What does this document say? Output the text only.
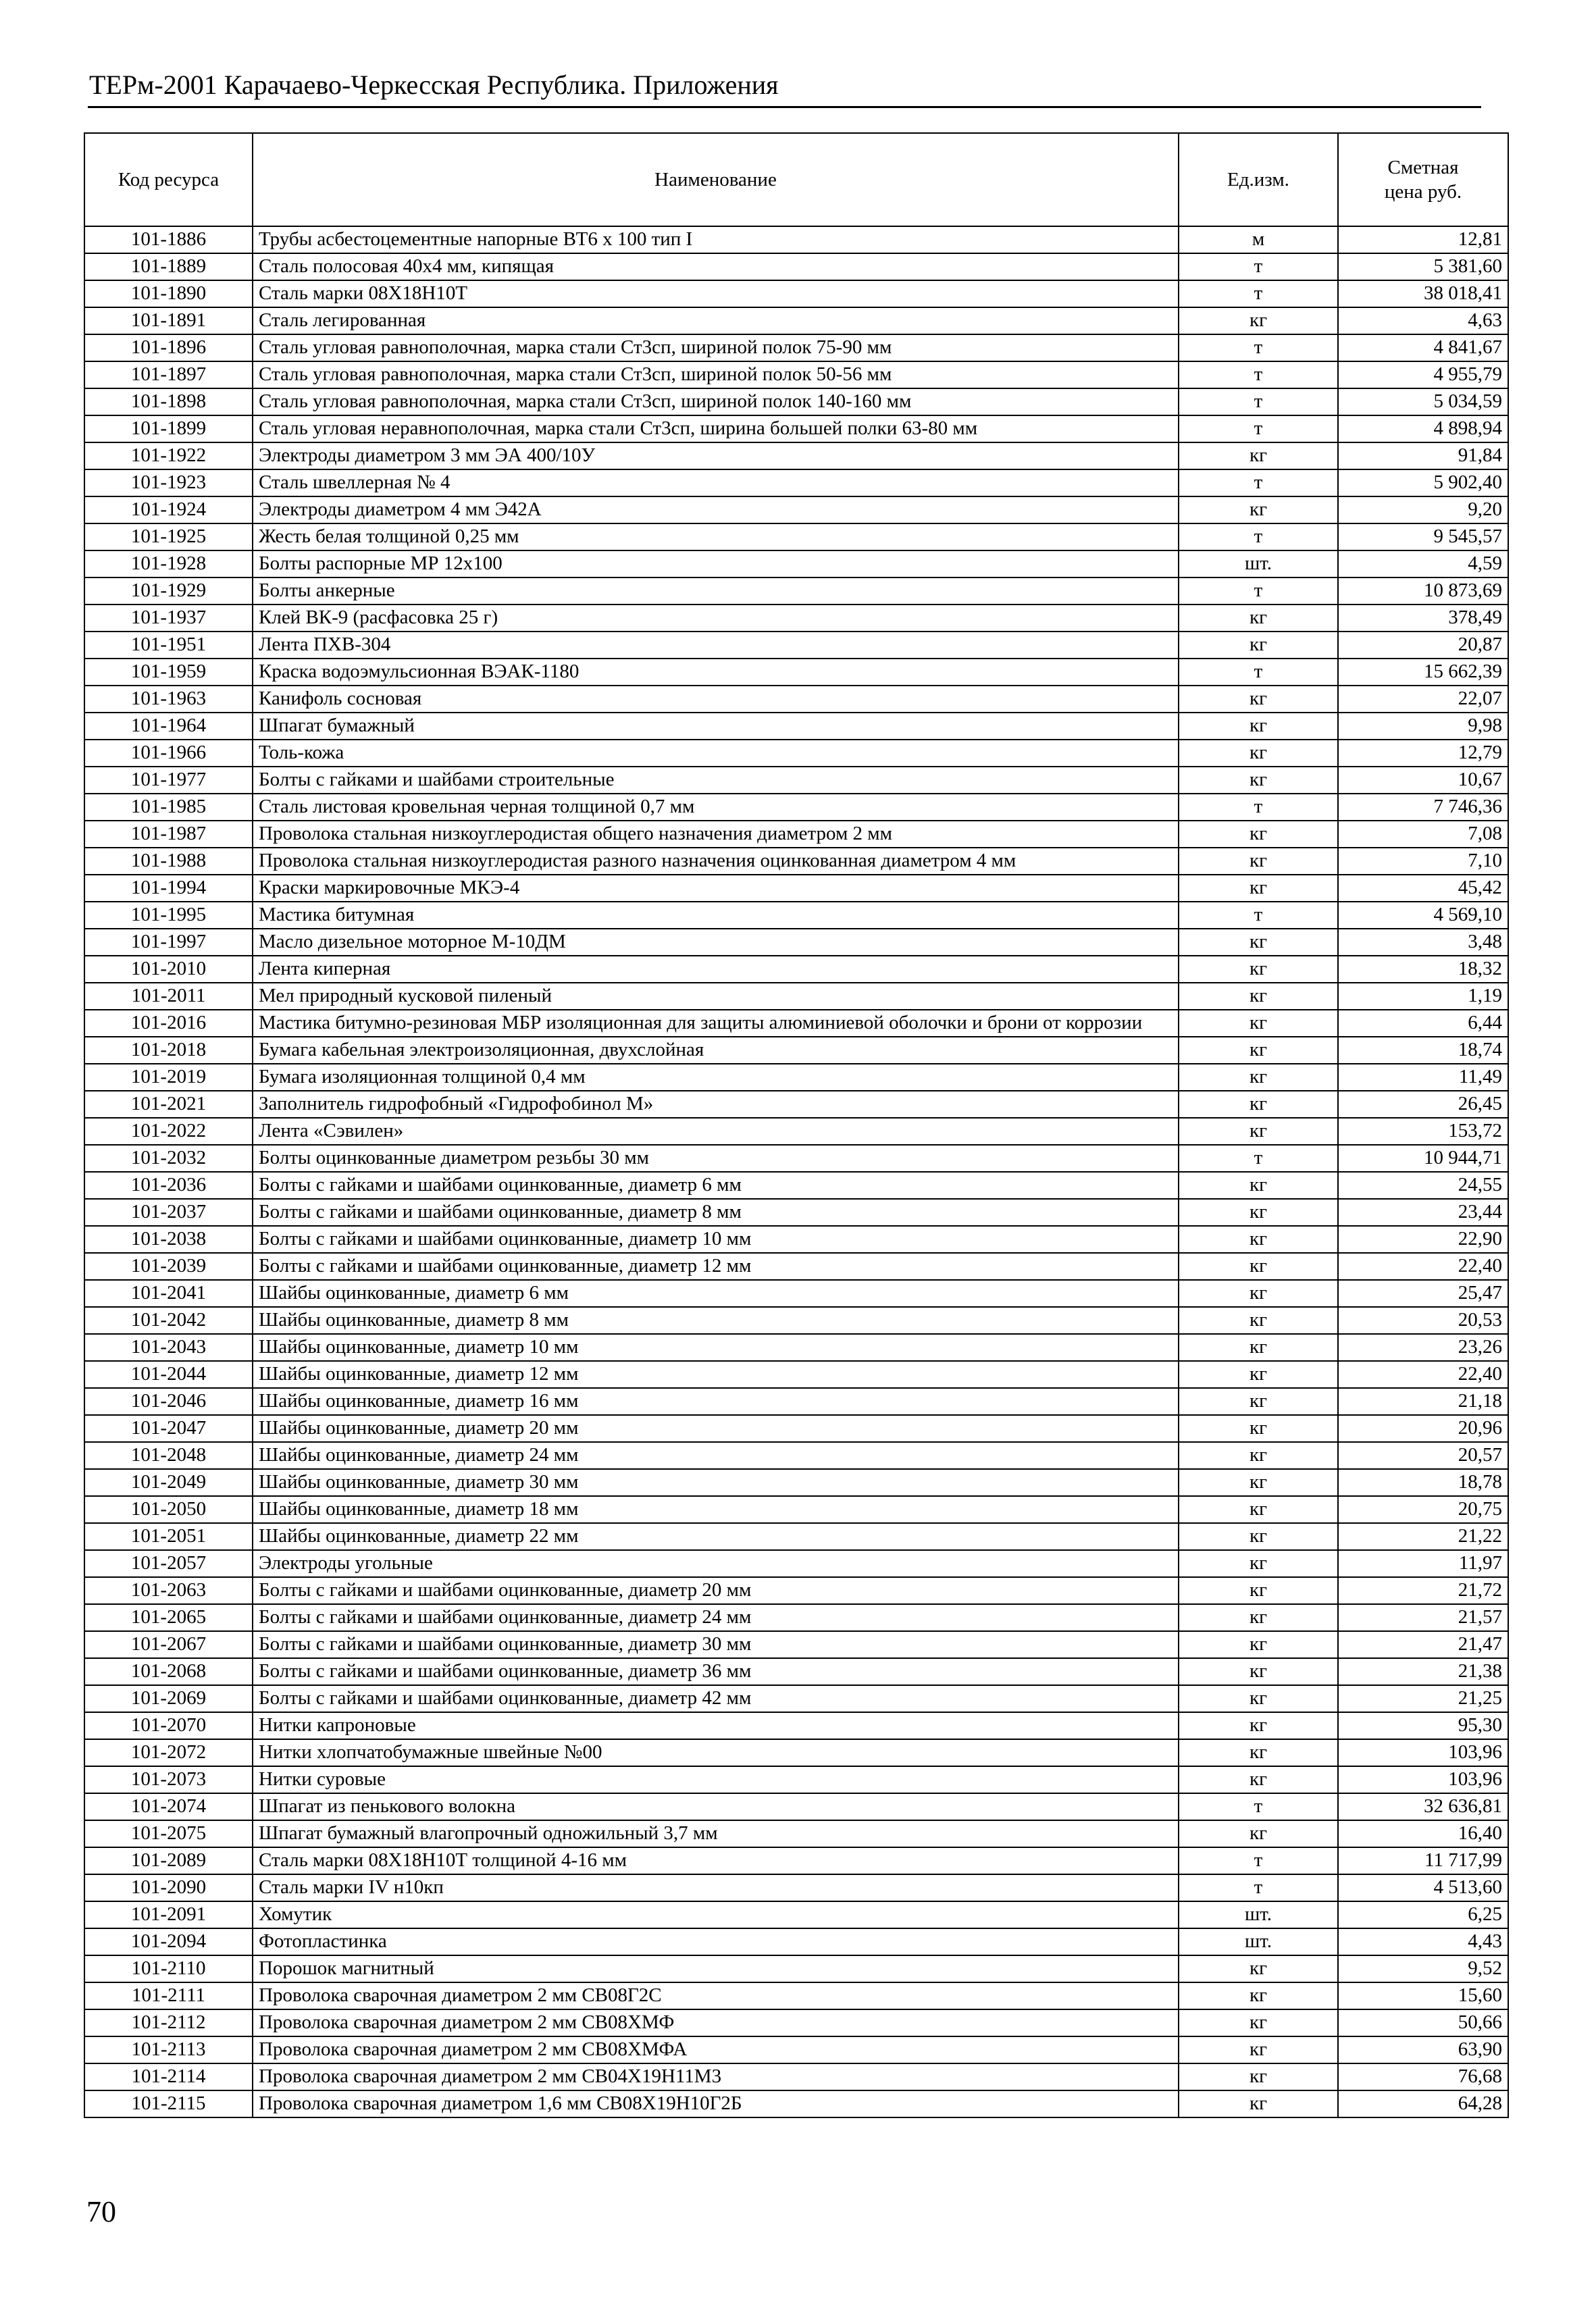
ТЕРм-2001 Карачаево-Черкесская Республика. Приложения
Код ресурса	Наименование	Ед.изм.	Сметная цена руб.
101-1886	Трубы асбестоцементные напорные ВТ6 х 100 тип I	м	12,81
101-1889	Сталь полосовая 40х4 мм, кипящая	т	5 381,60
101-1890	Сталь марки 08Х18Н10Т	т	38 018,41
101-1891	Сталь легированная	кг	4,63
101-1896	Сталь угловая равнополочная, марка стали Ст3сп, шириной полок 75-90 мм	т	4 841,67
101-1897	Сталь угловая равнополочная, марка стали Ст3сп, шириной полок 50-56 мм	т	4 955,79
101-1898	Сталь угловая равнополочная, марка стали Ст3сп, шириной полок 140-160 мм	т	5 034,59
101-1899	Сталь угловая неравнополочная, марка стали Ст3сп, ширина большей полки 63-80 мм	т	4 898,94
101-1922	Электроды диаметром 3 мм ЭА 400/10У	кг	91,84
101-1923	Сталь швеллерная № 4	т	5 902,40
101-1924	Электроды диаметром 4 мм Э42А	кг	9,20
101-1925	Жесть белая толщиной 0,25 мм	т	9 545,57
101-1928	Болты распорные МР 12х100	шт.	4,59
101-1929	Болты анкерные	т	10 873,69
101-1937	Клей ВК-9 (расфасовка 25 г)	кг	378,49
101-1951	Лента ПХВ-304	кг	20,87
101-1959	Краска водоэмульсионная ВЭАК-1180	т	15 662,39
101-1963	Канифоль сосновая	кг	22,07
101-1964	Шпагат бумажный	кг	9,98
101-1966	Толь-кожа	кг	12,79
101-1977	Болты с гайками и шайбами строительные	кг	10,67
101-1985	Сталь листовая кровельная черная толщиной 0,7 мм	т	7 746,36
101-1987	Проволока стальная низкоуглеродистая общего назначения диаметром 2 мм	кг	7,08
101-1988	Проволока стальная низкоуглеродистая разного назначения оцинкованная диаметром 4 мм	кг	7,10
101-1994	Краски маркировочные МКЭ-4	кг	45,42
101-1995	Мастика битумная	т	4 569,10
101-1997	Масло дизельное моторное М-10ДМ	кг	3,48
101-2010	Лента киперная	кг	18,32
101-2011	Мел природный кусковой пиленый	кг	1,19
101-2016	Мастика битумно-резиновая МБР изоляционная для защиты алюминиевой оболочки и брони от коррозии	кг	6,44
101-2018	Бумага кабельная электроизоляционная, двухслойная	кг	18,74
101-2019	Бумага изоляционная толщиной 0,4 мм	кг	11,49
101-2021	Заполнитель гидрофобный «Гидрофобинол М»	кг	26,45
101-2022	Лента «Сэвилен»	кг	153,72
101-2032	Болты оцинкованные диаметром резьбы 30 мм	т	10 944,71
101-2036	Болты с гайками и шайбами оцинкованные, диаметр 6 мм	кг	24,55
101-2037	Болты с гайками и шайбами оцинкованные, диаметр 8 мм	кг	23,44
101-2038	Болты с гайками и шайбами оцинкованные, диаметр 10 мм	кг	22,90
101-2039	Болты с гайками и шайбами оцинкованные, диаметр 12 мм	кг	22,40
101-2041	Шайбы оцинкованные, диаметр 6 мм	кг	25,47
101-2042	Шайбы оцинкованные, диаметр 8 мм	кг	20,53
101-2043	Шайбы оцинкованные, диаметр 10 мм	кг	23,26
101-2044	Шайбы оцинкованные, диаметр 12 мм	кг	22,40
101-2046	Шайбы оцинкованные, диаметр 16 мм	кг	21,18
101-2047	Шайбы оцинкованные, диаметр 20 мм	кг	20,96
101-2048	Шайбы оцинкованные, диаметр 24 мм	кг	20,57
101-2049	Шайбы оцинкованные, диаметр 30 мм	кг	18,78
101-2050	Шайбы оцинкованные, диаметр 18 мм	кг	20,75
101-2051	Шайбы оцинкованные, диаметр 22 мм	кг	21,22
101-2057	Электроды угольные	кг	11,97
101-2063	Болты с гайками и шайбами оцинкованные, диаметр 20 мм	кг	21,72
101-2065	Болты с гайками и шайбами оцинкованные, диаметр 24 мм	кг	21,57
101-2067	Болты с гайками и шайбами оцинкованные, диаметр 30 мм	кг	21,47
101-2068	Болты с гайками и шайбами оцинкованные, диаметр 36 мм	кг	21,38
101-2069	Болты с гайками и шайбами оцинкованные, диаметр 42 мм	кг	21,25
101-2070	Нитки капроновые	кг	95,30
101-2072	Нитки хлопчатобумажные швейные №00	кг	103,96
101-2073	Нитки суровые	кг	103,96
101-2074	Шпагат из пенькового волокна	т	32 636,81
101-2075	Шпагат бумажный влагопрочный одножильный 3,7 мм	кг	16,40
101-2089	Сталь марки 08Х18Н10Т толщиной 4-16 мм	т	11 717,99
101-2090	Сталь марки IV н10кп	т	4 513,60
101-2091	Хомутик	шт.	6,25
101-2094	Фотопластинка	шт.	4,43
101-2110	Порошок магнитный	кг	9,52
101-2111	Проволока сварочная диаметром 2 мм СВ08Г2С	кг	15,60
101-2112	Проволока сварочная диаметром 2 мм СВ08ХМФ	кг	50,66
101-2113	Проволока сварочная диаметром 2 мм СВ08ХМФА	кг	63,90
101-2114	Проволока сварочная диаметром 2 мм СВ04Х19Н11М3	кг	76,68
101-2115	Проволока сварочная диаметром 1,6 мм СВ08Х19Н10Г2Б	кг	64,28
70
